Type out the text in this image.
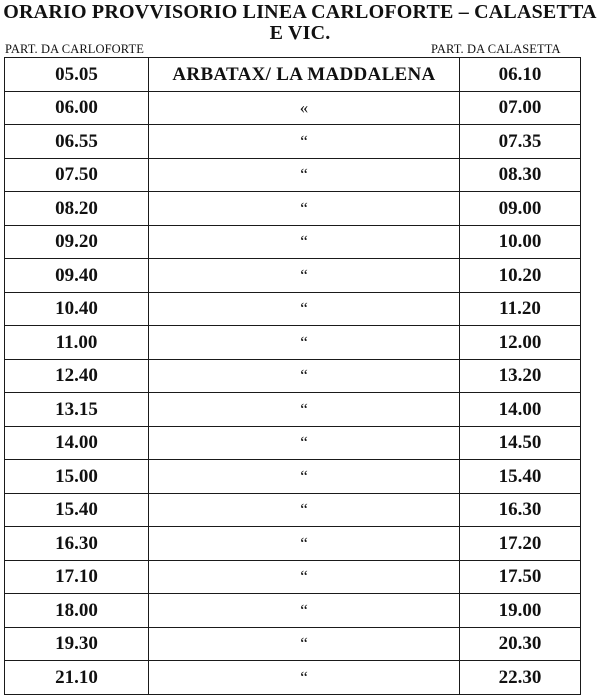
ORARIO PROVVISORIO LINEA CARLOFORTE – CALASETTA
E VIC.
PART. DA CARLOFORTE	PART. DA CALASETTA
05.05	ARBATAX/ LA MADDALENA	06.10
06.00	«	07.00
06.55	“	07.35
07.50	“	08.30
08.20	“	09.00
09.20	“	10.00
09.40	“	10.20
10.40	“	11.20
11.00	“	12.00
12.40	“	13.20
13.15	“	14.00
14.00	“	14.50
15.00	“	15.40
15.40	“	16.30
16.30	“	17.20
17.10	“	17.50
18.00	“	19.00
19.30	“	20.30
21.10	“	22.30
